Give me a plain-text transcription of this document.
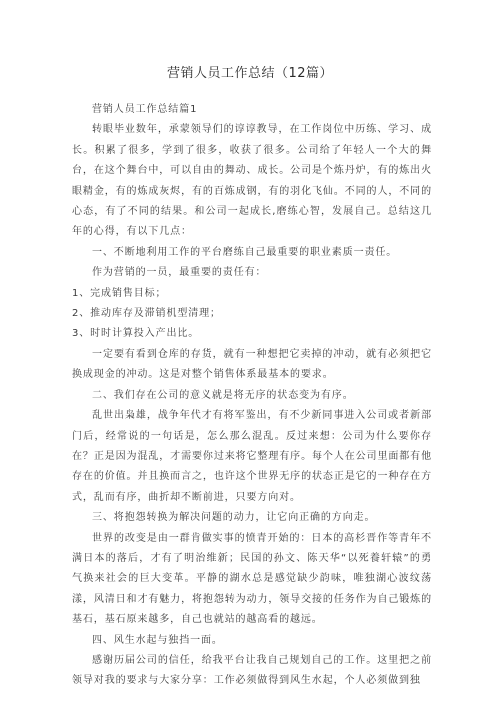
营销人员工作总结（12篇）

营销人员工作总结篇1

转眼毕业数年，承蒙领导们的谆谆教导，在工作岗位中历练、学习、成长。积累了很多，学到了很多，收获了很多。公司给了年轻人一个大的舞台，在这个舞台中，可以自由的舞动、成长。公司是个炼丹炉，有的炼出火眼精金，有的炼成灰烬，有的百炼成钢，有的羽化飞仙。不同的人，不同的心态，有了不同的结果。和公司一起成长,磨练心智，发展自己。总结这几年的心得，有以下几点：

一、不断地利用工作的平台磨练自己最重要的职业素质一责任。

作为营销的一员，最重要的责任有：

1、完成销售目标；

2、推动库存及滞销机型清理；

3、时时计算投入产出比。

一定要有看到仓库的存货，就有一种想把它卖掉的冲动，就有必须把它换成现金的冲动。这是对整个销售体系最基本的要求。

二、我们存在公司的意义就是将无序的状态变为有序。

乱世出枭雄，战争年代才有将军鉴出，有不少新同事进入公司或者新部门后，经常说的一句话是，怎么那么混乱。反过来想：公司为什么要你存在？正是因为混乱，才需要你过来将它整理有序。每个人在公司里面都有他存在的价值。并且换而言之，也许这个世界无序的状态正是它的一种存在方式，乱而有序，曲折却不断前进，只要方向对。

三、将抱怨转换为解决问题的动力，让它向正确的方向走。

世界的改变是由一群肯做实事的愤青开始的：日本的高杉晋作等青年不满日本的落后，才有了明治维新；民国的孙文、陈天华“以死養轩辕”的勇气换来社会的巨大变革。平静的湖水总是感觉缺少韵味，唯独湖心波纹荡漾，风清日和才有魅力，将抱怨转为动力，领导交接的任务作为自己锻炼的基石，基石原来越多，自己也就站的越高看的越远。

四、风生水起与独挡一面。

感谢历届公司的信任，给我平台让我自己规划自己的工作。这里把之前领导对我的要求与大家分享：工作必须做得到风生水起，个人必须做到独
